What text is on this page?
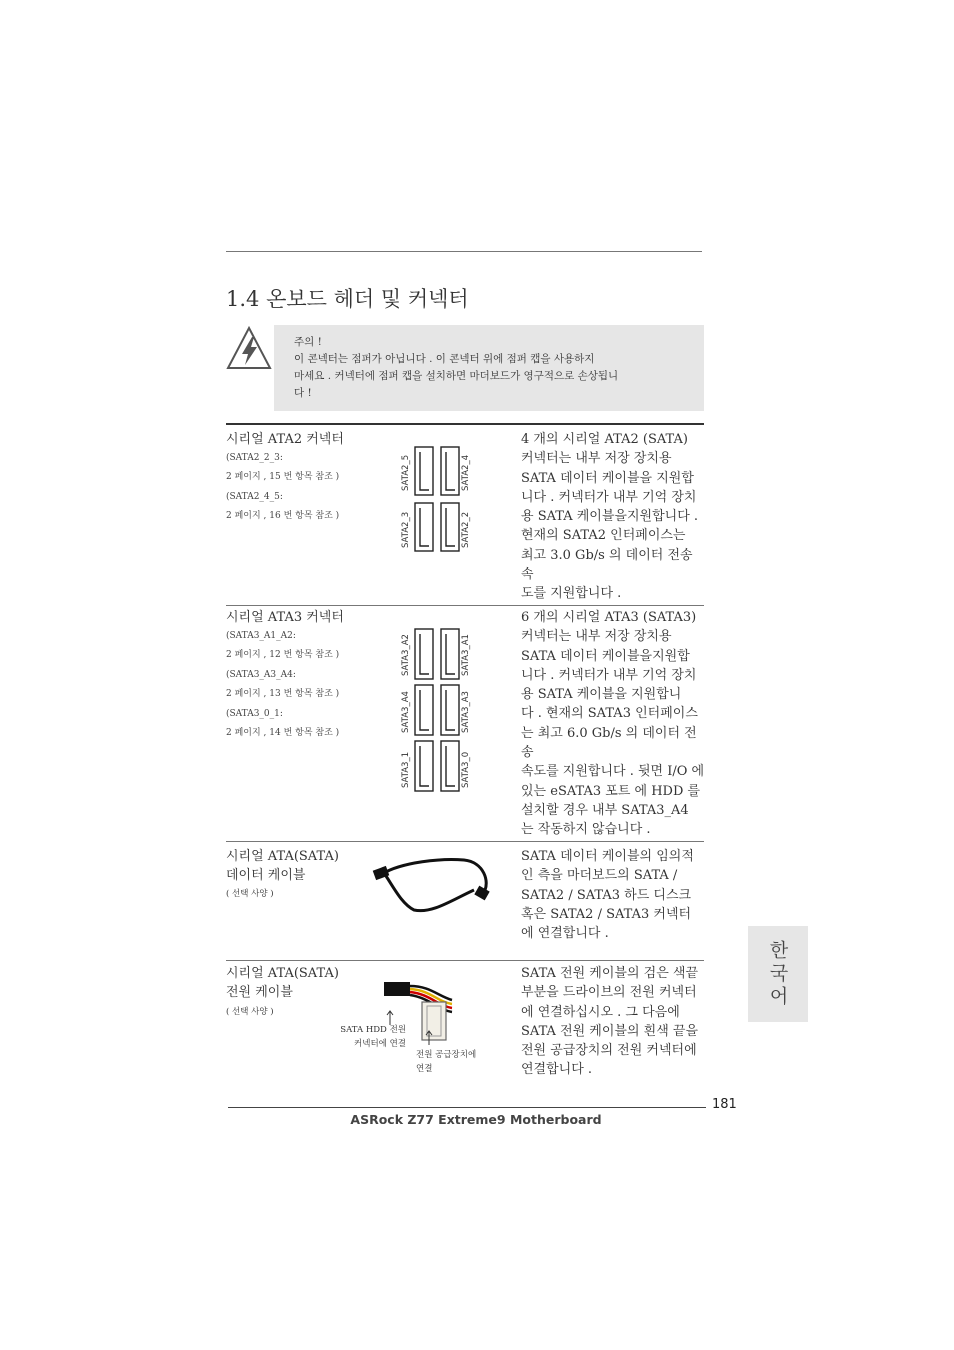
1.4 온보드 헤더 및 커넥터
주의 !
이 콘넥터는 점퍼가 아닙니다 . 이 콘넥터 위에 점퍼 캡을 사용하지
마세요 . 커넥터에 점퍼 캡을 설치하면 마더보드가 영구적으로 손상됩니
다 !
시리얼 ATA2 커넥터
(SATA2_2_3:
2 페이지 , 15 번 항목 참조 )
(SATA2_4_5:
2 페이지 , 16 번 항목 참조 )
SATA2_5	SATA2_4
SATA2_3	SATA2_2
4 개의 시리얼 ATA2 (SATA)
커넥터는 내부 저장 장치용
SATA 데이터 케이블을 지원합
니다 . 커넥터가 내부 기억 장치
용 SATA 케이블을지원합니다 .
현재의 SATA2 인터페이스는
최고 3.0 Gb/s 의 데이터 전송 속
도를 지원합니다 .
시리얼 ATA3 커넥터
(SATA3_A1_A2:
2 페이지 , 12 번 항목 참조 )
(SATA3_A3_A4:
2 페이지 , 13 번 항목 참조 )
(SATA3_0_1:
2 페이지 , 14 번 항목 참조 )
SATA3_A2	SATA3_A1
SATA3_A4	SATA3_A3
SATA3_1	SATA3_0
6 개의 시리얼 ATA3 (SATA3)
커넥터는 내부 저장 장치용
SATA 데이터 케이블을지원합
니다 . 커넥터가 내부 기억 장치
용 SATA 케이블을 지원합니
다 . 현재의 SATA3 인터페이스
는 최고 6.0 Gb/s 의 데이터 전송
속도를 지원합니다 . 뒷면 I/O 에
있는 eSATA3 포트 에 HDD 를
설치할 경우 내부 SATA3_A4
는 작동하지 않습니다 .
시리얼 ATA(SATA)
데이터 케이블
( 선택 사양 )
SATA 데이터 케이블의 임의적
인 측을 마더보드의 SATA /
SATA2 / SATA3 하드 디스크
혹은 SATA2 / SATA3 커넥터
에 연결합니다 .
시리얼 ATA(SATA)
전원 케이블
( 선택 사양 )
SATA HDD 전원
커넥터에 연결
전원 공급장치에
연결
SATA 전원 케이블의 검은 색끝
부분을 드라이브의 전원 커넥터
에 연결하십시오 . 그 다음에
SATA 전원 케이블의 흰색 끝을
전원 공급장치의 전원 커넥터에
연결합니다 .
한국어
181
ASRock Z77 Extreme9 Motherboard
